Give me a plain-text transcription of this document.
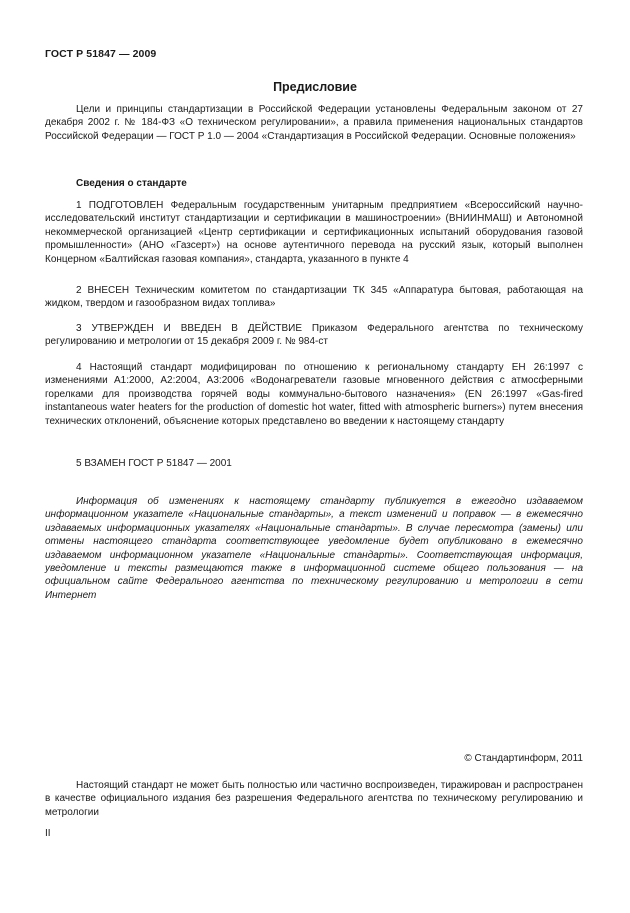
ГОСТ Р 51847 — 2009
Предисловие

Цели и принципы стандартизации в Российской Федерации установлены Федеральным законом от 27 декабря 2002 г. № 184-ФЗ «О техническом регулировании», а правила применения национальных стандартов Российской Федерации — ГОСТ Р 1.0 — 2004 «Стандартизация в Российской Федерации. Основные положения»

Сведения о стандарте

1 ПОДГОТОВЛЕН Федеральным государственным унитарным предприятием «Всероссийский научно-исследовательский институт стандартизации и сертификации в машиностроении» (ВНИИНМАШ) и Автономной некоммерческой организацией «Центр сертификации и сертификационных испытаний оборудования газовой промышленности» (АНО «Газсерт») на основе аутентичного перевода на русский язык, который выполнен Концерном «Балтийская газовая компания», стандарта, указанного в пункте 4

2 ВНЕСЕН Техническим комитетом по стандартизации ТК 345 «Аппаратура бытовая, работающая на жидком, твердом и газообразном видах топлива»

3 УТВЕРЖДЕН И ВВЕДЕН В ДЕЙСТВИЕ Приказом Федерального агентства по техническому регулированию и метрологии от 15 декабря 2009 г. № 984-ст

4 Настоящий стандарт модифицирован по отношению к региональному стандарту ЕН 26:1997 с изменениями А1:2000, А2:2004, А3:2006 «Водонагреватели газовые мгновенного действия с атмосферными горелками для производства горячей воды коммунально-бытового назначения» (EN 26:1997 «Gas-fired instantaneous water heaters for the production of domestic hot water, fitted with atmospheric burners») путем внесения технических отклонений, объяснение которых представлено во введении к настоящему стандарту

5 ВЗАМЕН ГОСТ Р 51847 — 2001

Информация об изменениях к настоящему стандарту публикуется в ежегодно издаваемом информационном указателе «Национальные стандарты», а текст изменений и поправок — в ежемесячно издаваемых информационных указателях «Национальные стандарты». В случае пересмотра (замены) или отмены настоящего стандарта соответствующее уведомление будет опубликовано в ежемесячно издаваемом информационном указателе «Национальные стандарты». Соответствующая информация, уведомление и тексты размещаются также в информационной системе общего пользования — на официальном сайте Федерального агентства по техническому регулированию и метрологии в сети Интернет

© Стандартинформ, 2011

Настоящий стандарт не может быть полностью или частично воспроизведен, тиражирован и распространен в качестве официального издания без разрешения Федерального агентства по техническому регулированию и метрологии

II
